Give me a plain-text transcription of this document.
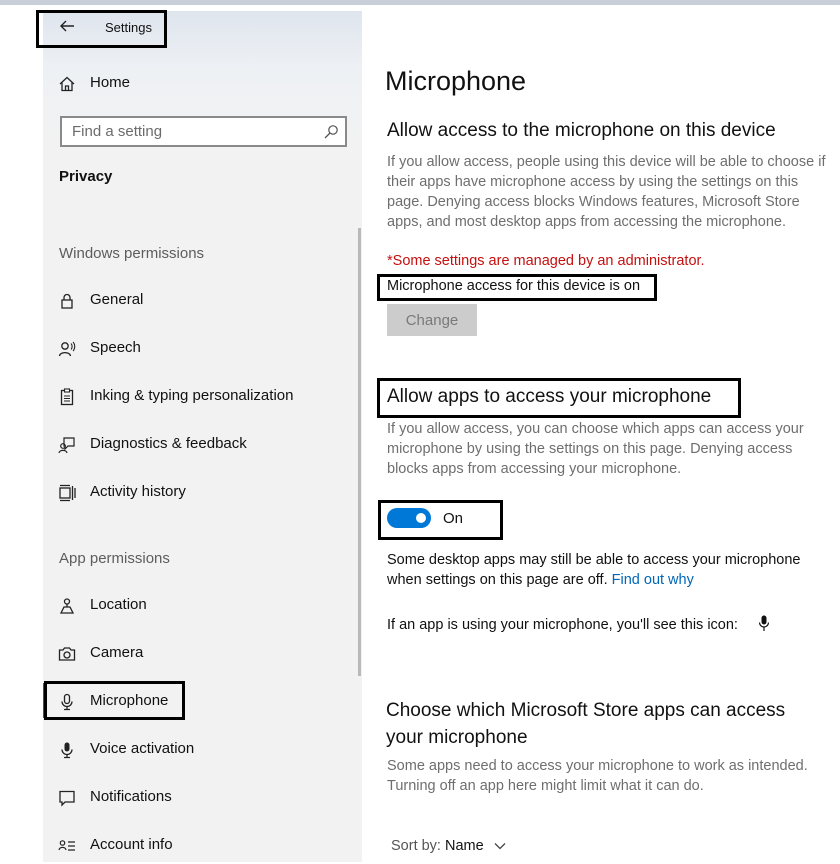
Settings
Home
Find a setting
Privacy
Windows permissions
General
Speech
Inking & typing personalization
Diagnostics & feedback
Activity history
App permissions
Location
Camera
Microphone
Voice activation
Notifications
Account info
Microphone
Allow access to the microphone on this device
If you allow access, people using this device will be able to choose if their apps have microphone access by using the settings on this page. Denying access blocks Windows features, Microsoft Store apps, and most desktop apps from accessing the microphone.
*Some settings are managed by an administrator.
Microphone access for this device is on
Change
Allow apps to access your microphone
If you allow access, you can choose which apps can access your microphone by using the settings on this page. Denying access blocks apps from accessing your microphone.
On
Some desktop apps may still be able to access your microphone when settings on this page are off. Find out why
If an app is using your microphone, you'll see this icon:
Choose which Microsoft Store apps can access your microphone
Some apps need to access your microphone to work as intended. Turning off an app here might limit what it can do.
Sort by: Name
